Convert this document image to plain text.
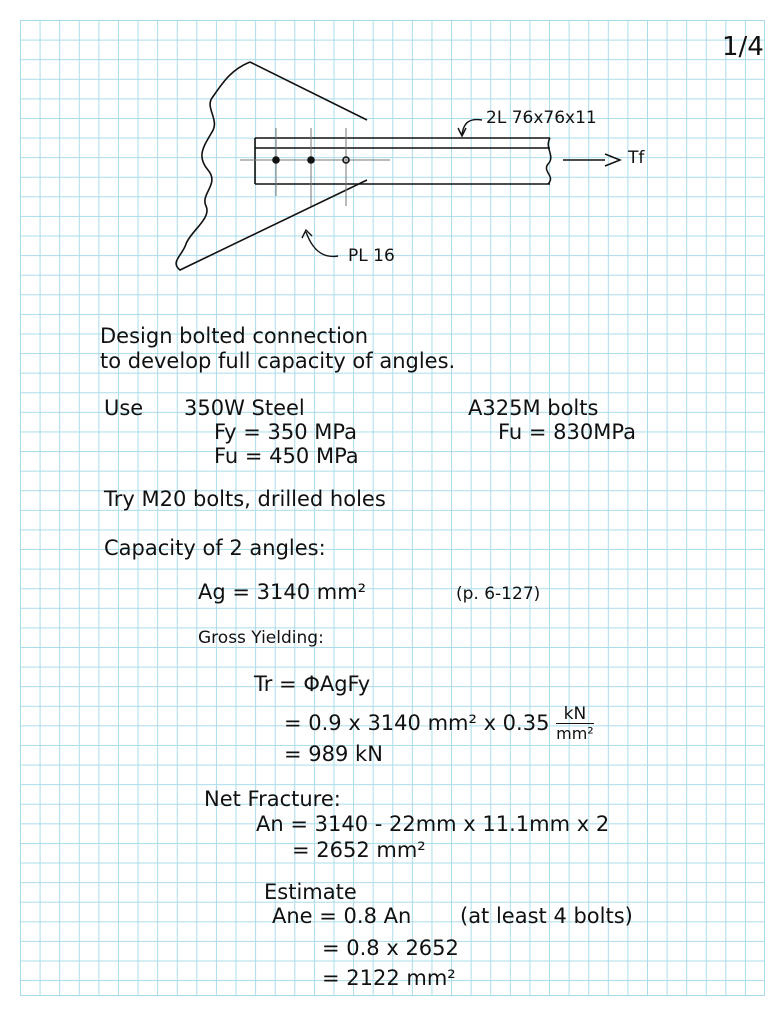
1/4
2L 76x76x11
Tf
PL 16
Design bolted connection
to develop full capacity of angles.
Use 350W Steel
Fy = 350 MPa
Fu = 450 MPa
A325M bolts
Fu = 830MPa
Try M20 bolts, drilled holes
Capacity of 2 angles:
Ag = 3140 mm²	(p. 6-127)
Gross Yielding:
Tr = ΦAgFy
= 0.9 x 3140 mm² x $0.35 \frac{kN}{\text{mm²}}$
= 989 kN
Net Fracture:
An = 3140 - 22mm x 11.1mm x 2
= 2652 mm²
Estimate
Ane = 0.8 An (at least 4 bolts)
= 0.8 x 2652
= 2122 mm²
